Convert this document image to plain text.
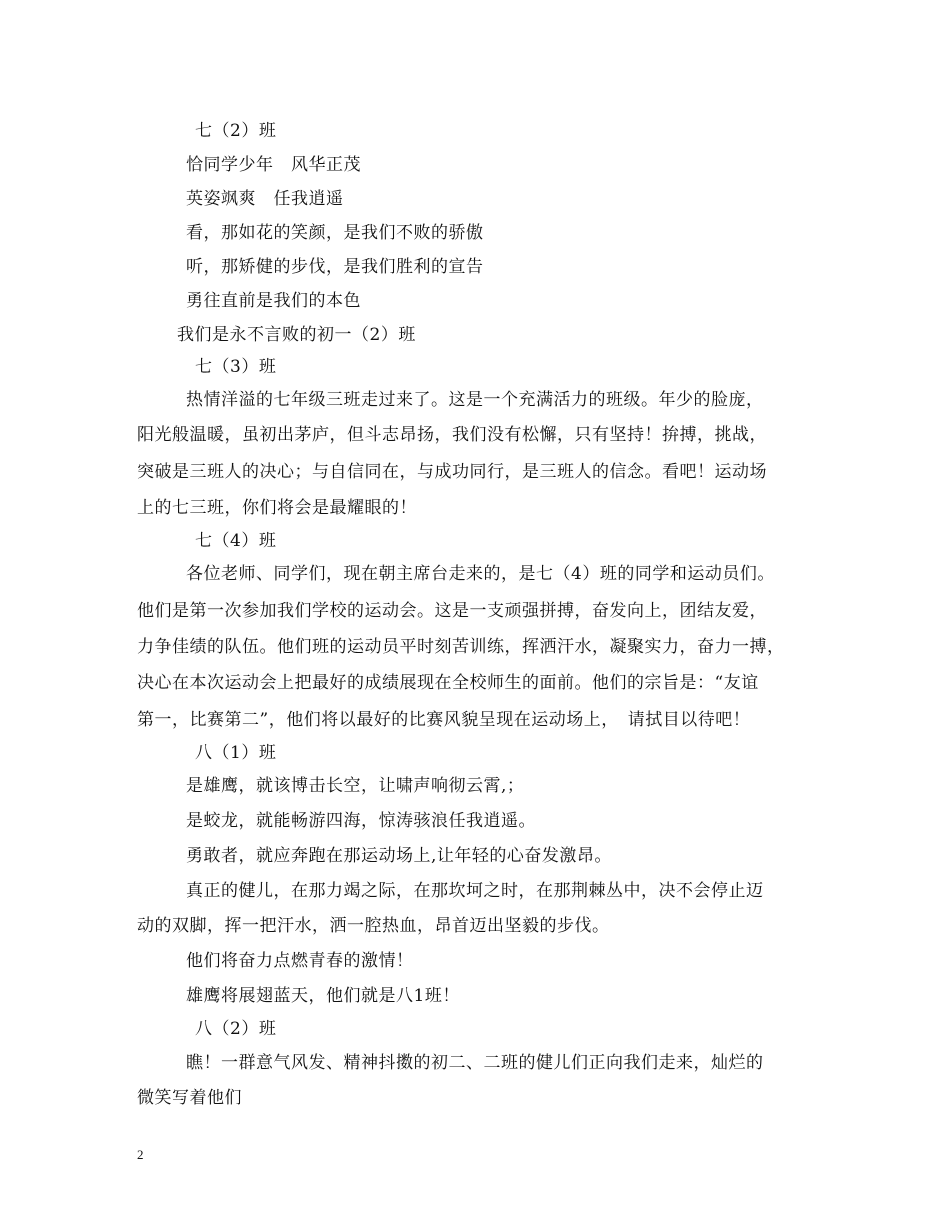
七（2）班
恰同学少年　风华正茂
英姿飒爽　任我逍遥
看，那如花的笑颜，是我们不败的骄傲
听，那矫健的步伐，是我们胜利的宣告
勇往直前是我们的本色
我们是永不言败的初一（2）班
七（3）班
热情洋溢的七年级三班走过来了。这是一个充满活力的班级。年少的脸庞，
阳光般温暖，虽初出茅庐，但斗志昂扬，我们没有松懈，只有坚持！拚搏，挑战，
突破是三班人的决心；与自信同在，与成功同行，是三班人的信念。看吧！运动场
上的七三班，你们将会是最耀眼的！
七（4）班
各位老师、同学们，现在朝主席台走来的，是七（4）班的同学和运动员们。
他们是第一次参加我们学校的运动会。这是一支顽强拼搏，奋发向上，团结友爱，
力争佳绩的队伍。他们班的运动员平时刻苦训练，挥洒汗水，凝聚实力，奋力一搏，
决心在本次运动会上把最好的成绩展现在全校师生的面前。他们的宗旨是：“友谊
第一，比赛第二”，他们将以最好的比赛风貌呈现在运动场上，　请拭目以待吧！
八（1）班
是雄鹰，就该博击长空，让啸声响彻云霄,；
是蛟龙，就能畅游四海，惊涛骇浪任我逍遥。
勇敢者，就应奔跑在那运动场上,让年轻的心奋发激昂。
真正的健儿，在那力竭之际，在那坎坷之时，在那荆棘丛中，决不会停止迈
动的双脚，挥一把汗水，洒一腔热血，昂首迈出坚毅的步伐。
他们将奋力点燃青春的激情！
雄鹰将展翅蓝天，他们就是八1班！
八（2）班
瞧！一群意气风发、精神抖擞的初二、二班的健儿们正向我们走来，灿烂的
微笑写着他们
2
